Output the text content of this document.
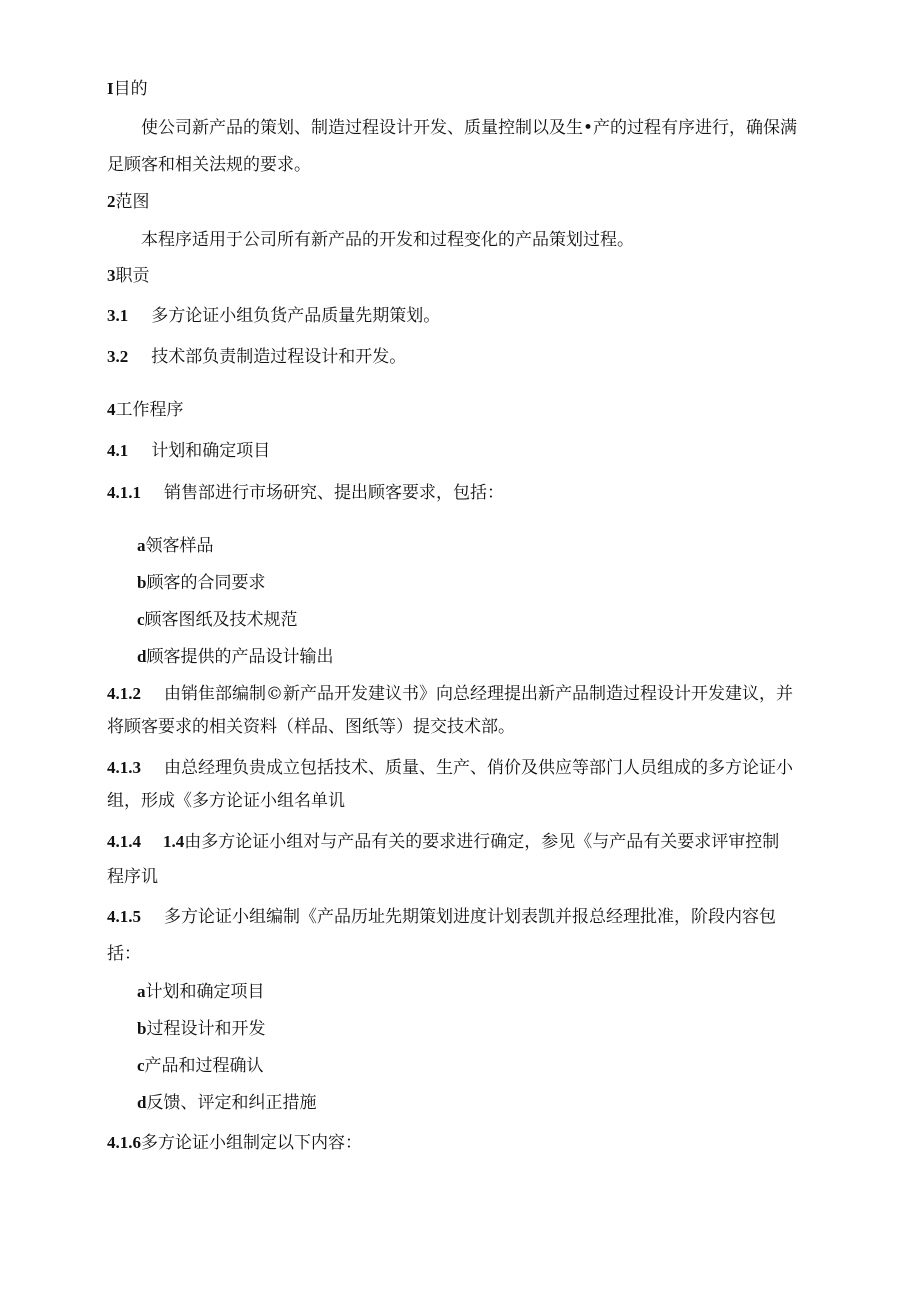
I目的
使公司新产品的策划、制造过程设计开发、质量控制以及生•产的过程有序进行，确保满
足顾客和相关法规的要求。
2范图
本程序适用于公司所有新产品的开发和过程变化的产品策划过程。
3职贡
3.1 多方论证小组负货产品质量先期策划。
3.2 技术部负责制造过程设计和开发。
4工作程序
4.1 计划和确定项目
4.1.1 销售部进行市场研究、提出顾客要求，包括：
a领客样品
b顾客的合同要求
c顾客图纸及技术规范
d顾客提供的产品设计输出
4.1.2 由销隹部编制©新产品开发建议书》向总经理提出新产品制造过程设计开发建议，并
将顾客要求的相关资料（样品、图纸等）提交技术部。
4.1.3 由总经理负贵成立包括技术、质量、生产、俏价及供应等部门人员组成的多方论证小
组，形成《多方论证小组名单讥
4.1.4 1.4由多方论证小组对与产品有关的要求进行确定，参见《与产品有关要求评审控制
程序讥
4.1.5 多方论证小组编制《产品历址先期策划进度计划表凯并报总经理批准，阶段内容包
括：
a计划和确定项目
b过程设计和开发
c产品和过程确认
d反馈、评定和纠正措施
4.1.6多方论证小组制定以下内容：
